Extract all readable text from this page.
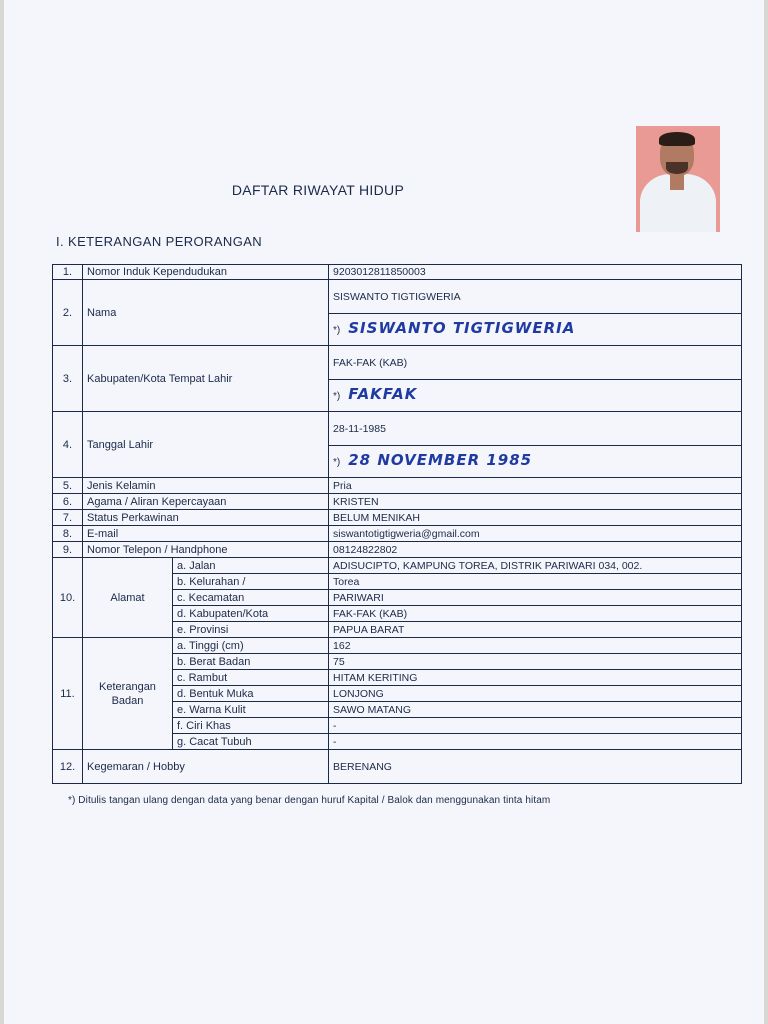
DAFTAR RIWAYAT HIDUP
I. KETERANGAN PERORANGAN
1.	Nomor Induk Kependudukan		9203012811850003
2.	Nama		SISWANTO TIGTIGWERIA
			*) SISWANTO TIGTIGWERIA
3.	Kabupaten/Kota Tempat Lahir		FAK-FAK (KAB)
			*) FAKFAK
4.	Tanggal Lahir		28-11-1985
			*) 28 NOVEMBER 1985
5.	Jenis Kelamin		Pria
6.	Agama / Aliran Kepercayaan		KRISTEN
7.	Status Perkawinan		BELUM MENIKAH
8.	E-mail		siswantotigtigweria@gmail.com
9.	Nomor Telepon / Handphone		08124822802
10.	Alamat	a. Jalan	ADISUCIPTO, KAMPUNG TOREA, DISTRIK PARIWARI 034, 002.
		b. Kelurahan /	Torea
		c. Kecamatan	PARIWARI
		d. Kabupaten/Kota	FAK-FAK (KAB)
		e. Provinsi	PAPUA BARAT
11.	Keterangan
Badan	a. Tinggi (cm)	162
		b. Berat Badan	75
		c. Rambut	HITAM KERITING
		d. Bentuk Muka	LONJONG
		e. Warna Kulit	SAWO MATANG
		f. Ciri Khas	-
		g. Cacat Tubuh	-
12.	Kegemaran / Hobby		BERENANG
*) Ditulis tangan ulang dengan data yang benar dengan huruf Kapital / Balok dan menggunakan tinta hitam
